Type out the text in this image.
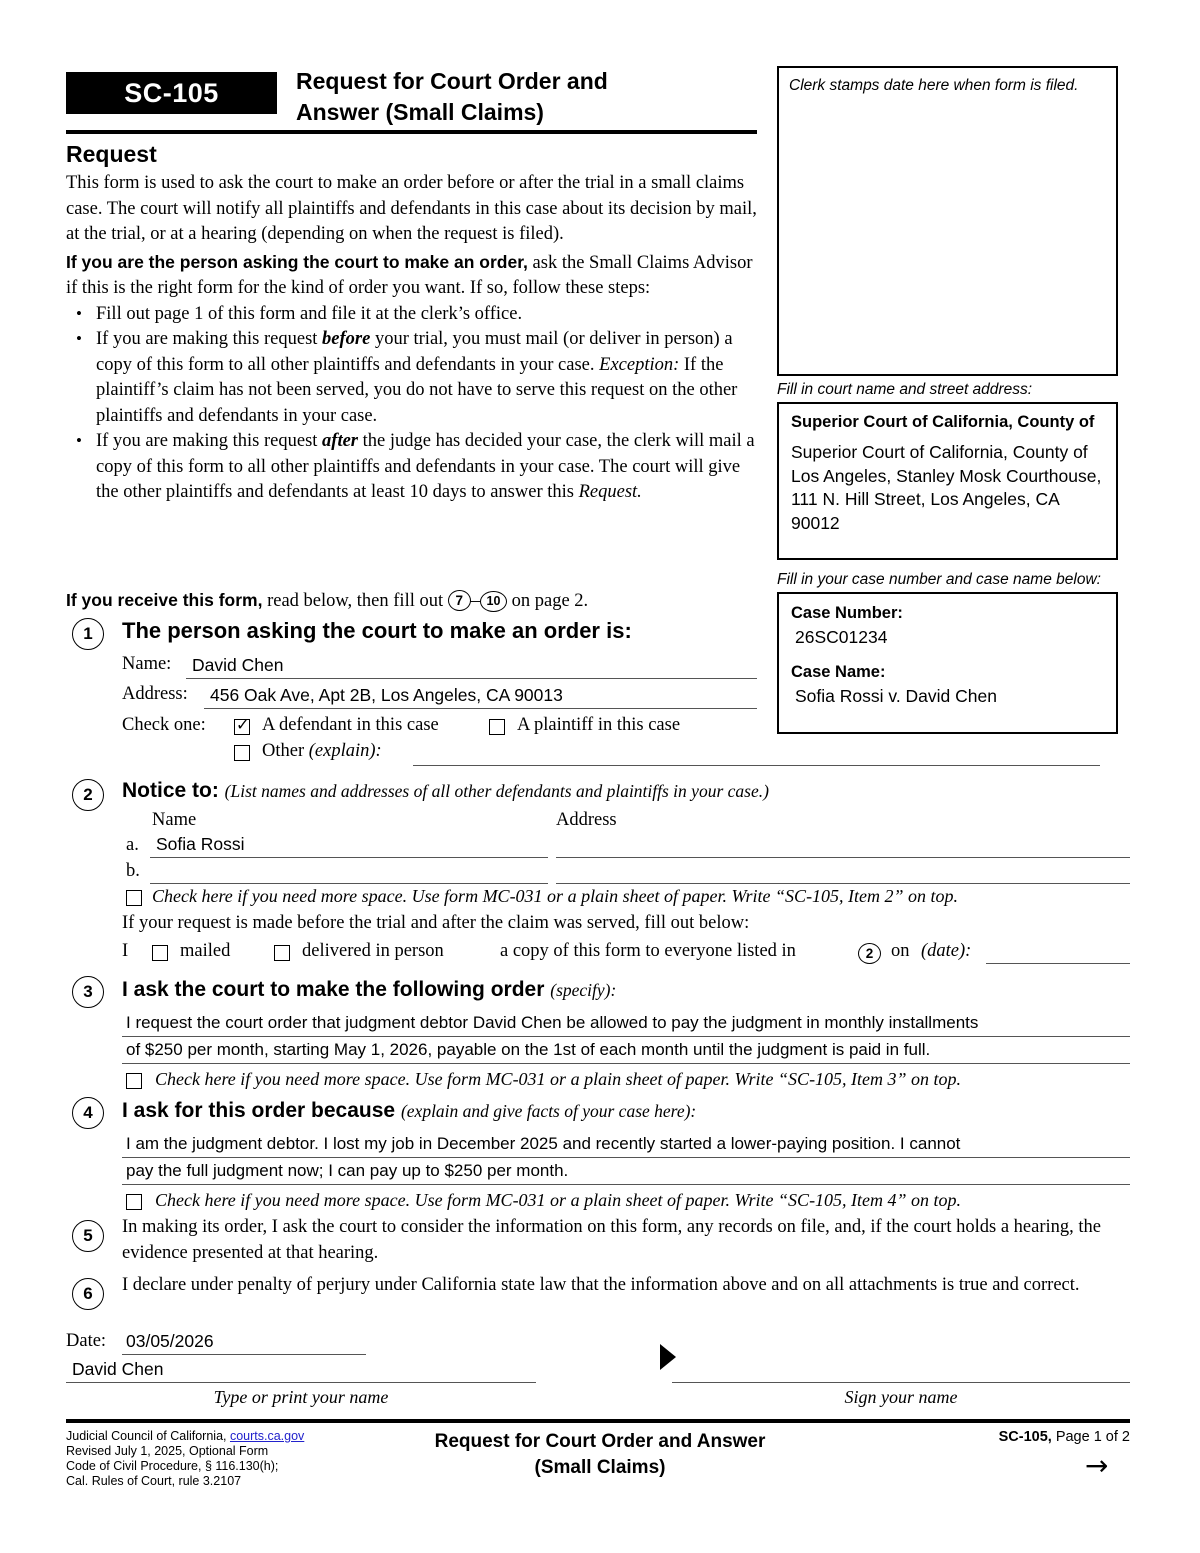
SC-105	Request for Court Order and
Answer (Small Claims)
Request

This form is used to ask the court to make an order before or after the trial in a small claims case. The court will notify all plaintiffs and defendants in this case about its decision by mail, at the trial, or at a hearing (depending on when the request is filed).

If you are the person asking the court to make an order, ask the Small Claims Advisor if this is the right form for the kind of order you want. If so, follow these steps:

• Fill out page 1 of this form and file it at the clerk’s office.
• If you are making this request before your trial, you must mail (or deliver in person) a copy of this form to all other plaintiffs and defendants in your case. Exception: If the plaintiff’s claim has not been served, you do not have to serve this request on the other plaintiffs and defendants in your case.
• If you are making this request after the judge has decided your case, the clerk will mail a copy of this form to all other plaintiffs and defendants in your case. The court will give the other plaintiffs and defendants at least 10 days to answer this Request.
If you receive this form, read below, then fill out 7 – 10 on page 2.
Clerk stamps date here when form is filed.
Fill in court name and street address:
Superior Court of California, County of
Superior Court of California, County of Los Angeles, Stanley Mosk Courthouse, 111 N. Hill Street, Los Angeles, CA 90012
Fill in your case number and case name below:
Case Number:
26SC01234
Case Name:
Sofia Rossi v. David Chen
1	The person asking the court to make an order is:
Name: David Chen
Address: 456 Oak Ave, Apt 2B, Los Angeles, CA 90013
Check one: ✓	A defendant in this case	A plaintiff in this case
Other (explain):
2	Notice to: (List names and addresses of all other defendants and plaintiffs in your case.)
Name	Address
a. Sofia Rossi
b.
Check here if you need more space. Use form MC-031 or a plain sheet of paper. Write “SC-105, Item 2” on top.
If your request is made before the trial and after the claim was served, fill out below:
I	mailed	delivered in person	a copy of this form to everyone listed in	2 on (date):
3	I ask the court to make the following order (specify):
I request the court order that judgment debtor David Chen be allowed to pay the judgment in monthly installments
of $250 per month, starting May 1, 2026, payable on the 1st of each month until the judgment is paid in full.
Check here if you need more space. Use form MC-031 or a plain sheet of paper. Write “SC-105, Item 3” on top.
4	I ask for this order because (explain and give facts of your case here):
I am the judgment debtor. I lost my job in December 2025 and recently started a lower-paying position. I cannot
pay the full judgment now; I can pay up to $250 per month.
Check here if you need more space. Use form MC-031 or a plain sheet of paper. Write “SC-105, Item 4” on top.
5	In making its order, I ask the court to consider the information on this form, any records on file, and, if the court holds a hearing, the evidence presented at that hearing.
6	I declare under penalty of perjury under California state law that the information above and on all attachments is true and correct.
Date: 03/05/2026
David Chen
Type or print your name	Sign your name
Judicial Council of California, courts.ca.gov
Revised July 1, 2025, Optional Form
Code of Civil Procedure, § 116.130(h);
Cal. Rules of Court, rule 3.2107
Request for Court Order and Answer
(Small Claims)
SC-105, Page 1 of 2
→
